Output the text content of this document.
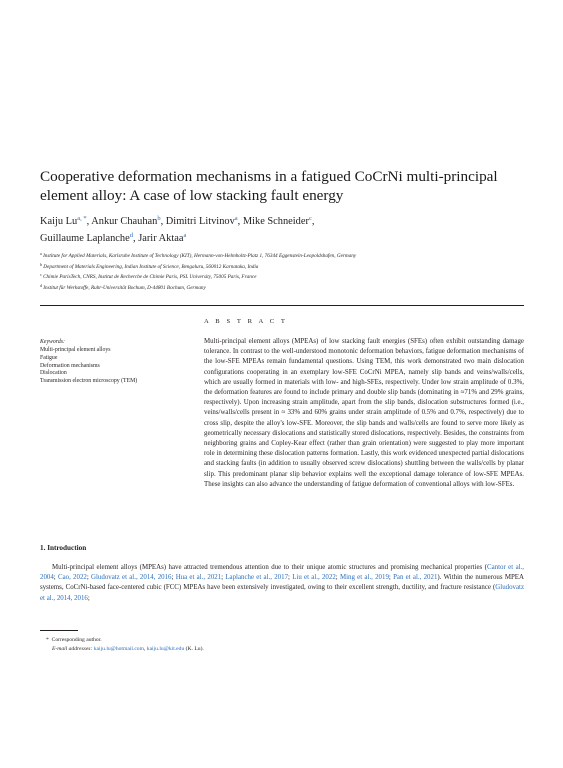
Cooperative deformation mechanisms in a fatigued CoCrNi multi-principal element alloy: A case of low stacking fault energy
Kaiju $Lu^{a, *}$, Ankur Chauhan$^b$, Dimitri Litvinov$^a$, Mike Schneider$^c$,
Guillaume Laplanche$^d$, Jarir Aktaa$^a$
$^a$ Institute for Applied Materials, Karlsruhe Institute of Technology (KIT), Hermann-von-Helmholtz-Platz 1, 76344 Eggenstein-Leopoldshafen, Germany
$^b$ Department of Materials Engineering, Indian Institute of Science, Bengaluru, 560012 Karnataka, India
$^c$ Chimie ParisTech, CNRS, Institut de Recherche de Chimie Paris, PSL University, 75005 Paris, France
$^d$ Institut für Werkstoffe, Ruhr-Universität Bochum, D-44801 Bochum, Germany
A B S T R A C T
Keywords:
Multi-principal element alloys
Fatigue
Deformation mechanisms
Dislocation
Transmission electron microscopy (TEM)
Multi-principal element alloys (MPEAs) of low stacking fault energies (SFEs) often exhibit outstanding damage tolerance. In contrast to the well-understood monotonic deformation behaviors, fatigue deformation mechanisms of the low-SFE MPEAs remain fundamental questions. Using TEM, this work demonstrated two main dislocation configurations cooperating in an exemplary low-SFE CoCrNi MPEA, namely slip bands and veins/walls/cells, which are usually formed in materials with low- and high-SFEs, respectively. Under low strain amplitude of 0.3%, the deformation features are found to include primary and double slip bands (dominating in ≈71% and 29% grains, respectively). Upon increasing strain amplitude, apart from the slip bands, dislocation substructures formed (i.e., veins/walls/cells present in ≈ 33% and 60% grains under strain amplitude of 0.5% and 0.7%, respectively) due to cross slip, despite the alloy's low-SFE. Moreover, the slip bands and walls/cells are found to serve more likely as geometrically necessary dislocations and statistically stored dislocations, respectively. Besides, the constraints from neighboring grains and Copley-Kear effect (rather than grain orientation) were suggested to play more important role in determining these dislocation patterns formation. Lastly, this work evidenced unexpected partial dislocations and stacking faults (in addition to usually observed screw dislocations) shuttling between the walls/cells by planar slip. This predominant planar slip behavior explains well the exceptional damage tolerance of low-SFE MPEAs. These insights can also advance the understanding of fatigue deformation of conventional alloys with low-SFEs.
1. Introduction
Multi-principal element alloys (MPEAs) have attracted tremendous attention due to their unique atomic structures and promising mechanical properties (Cantor et al., 2004; Cao, 2022; Gludovatz et al., 2014, 2016; Hua et al., 2021; Laplanche et al., 2017; Liu et al., 2022; Ming et al., 2019; Pan et al., 2021). Within the numerous MPEA systems, CoCrNi-based face-centered cubic (FCC) MPEAs have been extensively investigated, owing to their excellent strength, ductility, and fracture resistance (Gludovatz et al., 2014, 2016;
* Corresponding author.
E-mail addresses: kaiju.lu@hotmail.com, kaiju.lu@kit.edu (K. Lu).
